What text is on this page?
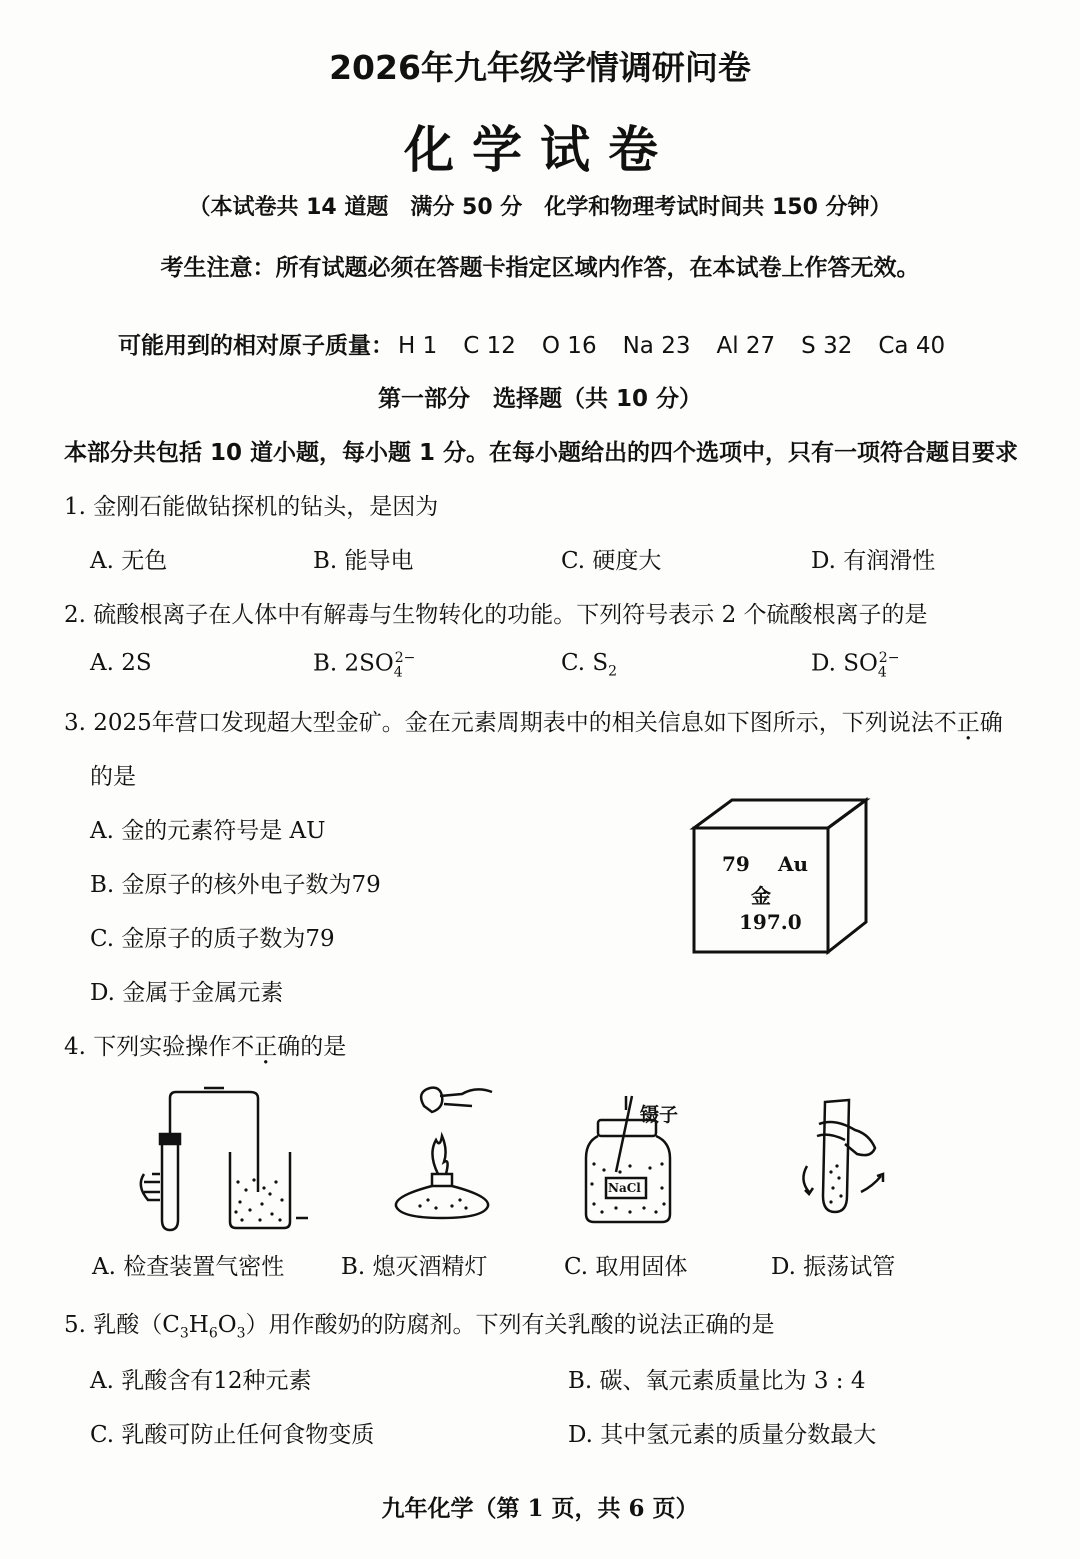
2026年九年级学情调研问卷
化学试卷
（本试卷共 14 道题　满分 50 分　化学和物理考试时间共 150 分钟）
考生注意：所有试题必须在答题卡指定区域内作答，在本试卷上作答无效。
可能用到的相对原子质量： H 1 C 12 O 16 Na 23 Al 27 S 32 Ca 40
第一部分　选择题（共 10 分）
本部分共包括 10 道小题，每小题 1 分。在每小题给出的四个选项中，只有一项符合题目要求
1. 金刚石能做钻探机的钻头，是因为
A. 无色	B. 能导电	C. 硬度大	D. 有润滑性
2. 硫酸根离子在人体中有解毒与生物转化的功能。下列符号表示 2 个硫酸根离子的是
A. 2S	B. $2SO_4^{2-}$	C. $S_2$	D. $SO_4^{2-}$
3. 2025年营口发现超大型金矿。金在元素周期表中的相关信息如下图所示，下列说法不正确
的是
A. 金的元素符号是 AU
B. 金原子的核外电子数为79
C. 金原子的质子数为79
D. 金属于金属元素
79 Au
金
197.0
4. 下列实验操作不正确的是
NaCl
镊子
A. 检查装置气密性 B. 熄灭酒精灯	C. 取用固体	D. 振荡试管
5. 乳酸$(C_3H_6O_3)$用作酸奶的防腐剂。下列有关乳酸的说法正确的是
A. 乳酸含有12种元素	B. 碳、氧元素质量比为 3 : 4
C. 乳酸可防止任何食物变质	D. 其中氢元素的质量分数最大
九年化学（第 1 页，共 6 页）
